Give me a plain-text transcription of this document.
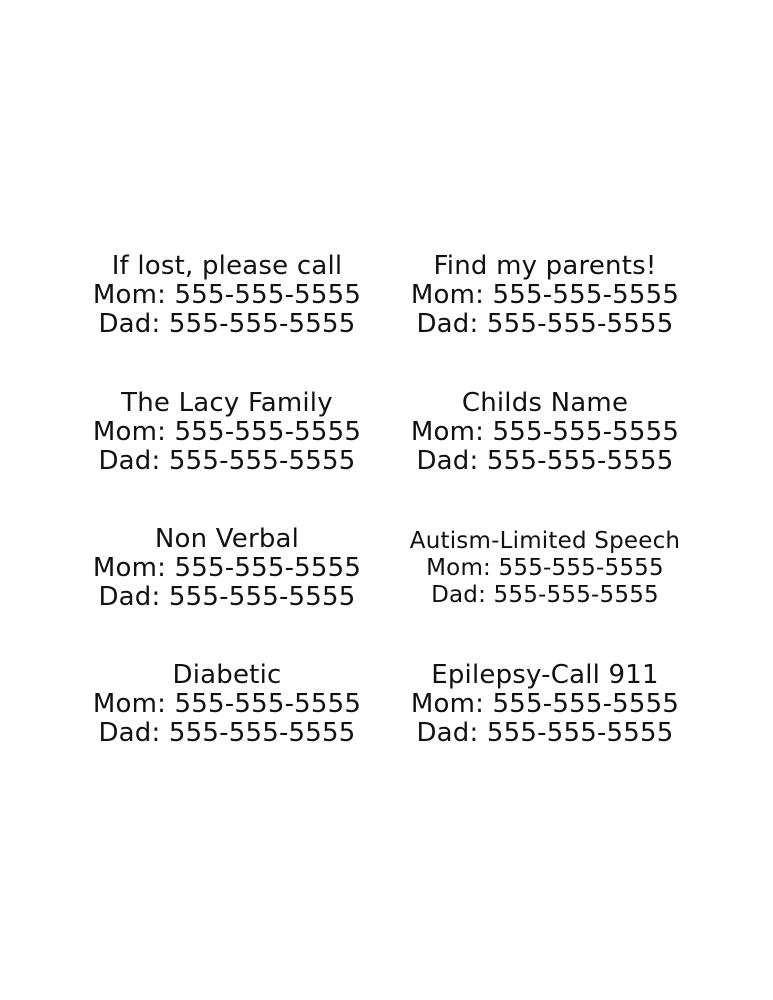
If lost, please call
Mom: 555-555-5555
Dad: 555-555-5555
Find my parents!
Mom: 555-555-5555
Dad: 555-555-5555
The Lacy Family
Mom: 555-555-5555
Dad: 555-555-5555
Childs Name
Mom: 555-555-5555
Dad: 555-555-5555
Non Verbal
Mom: 555-555-5555
Dad: 555-555-5555
Autism-Limited Speech
Mom: 555-555-5555
Dad: 555-555-5555
Diabetic
Mom: 555-555-5555
Dad: 555-555-5555
Epilepsy-Call 911
Mom: 555-555-5555
Dad: 555-555-5555
